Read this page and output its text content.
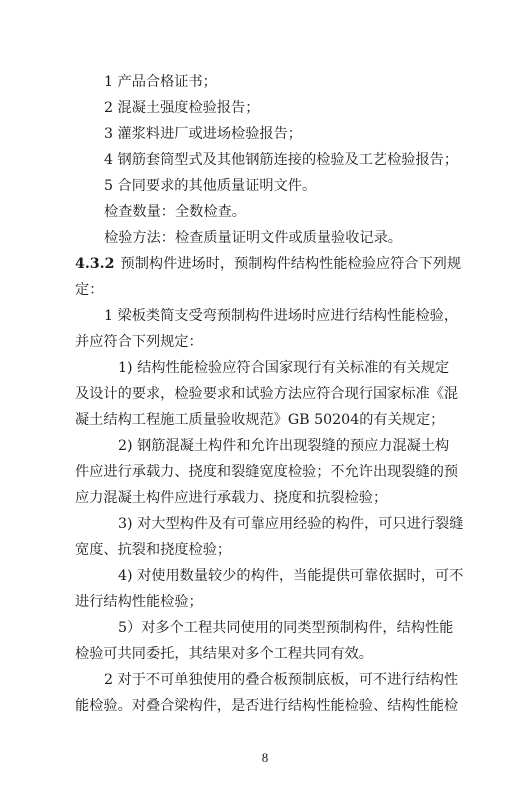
1 产品合格证书；
2 混凝土强度检验报告；
3 灌浆料进厂或进场检验报告；
4 钢筋套筒型式及其他钢筋连接的检验及工艺检验报告；
5 合同要求的其他质量证明文件。
检查数量：全数检查。
检验方法：检查质量证明文件或质量验收记录。
4.3.2 预制构件进场时，预制构件结构性能检验应符合下列规
定：
1 梁板类简支受弯预制构件进场时应进行结构性能检验，
并应符合下列规定：
1) 结构性能检验应符合国家现行有关标准的有关规定
及设计的要求，检验要求和试验方法应符合现行国家标准《混
凝土结构工程施工质量验收规范》GB 50204的有关规定；
2) 钢筋混凝土构件和允许出现裂缝的预应力混凝土构
件应进行承载力、挠度和裂缝宽度检验；不允许出现裂缝的预
应力混凝土构件应进行承载力、挠度和抗裂检验；
3) 对大型构件及有可靠应用经验的构件，可只进行裂缝
宽度、抗裂和挠度检验；
4) 对使用数量较少的构件，当能提供可靠依据时，可不
进行结构性能检验；
5）对多个工程共同使用的同类型预制构件，结构性能
检验可共同委托，其结果对多个工程共同有效。
2 对于不可单独使用的叠合板预制底板，可不进行结构性
能检验。对叠合梁构件，是否进行结构性能检验、结构性能检
8
